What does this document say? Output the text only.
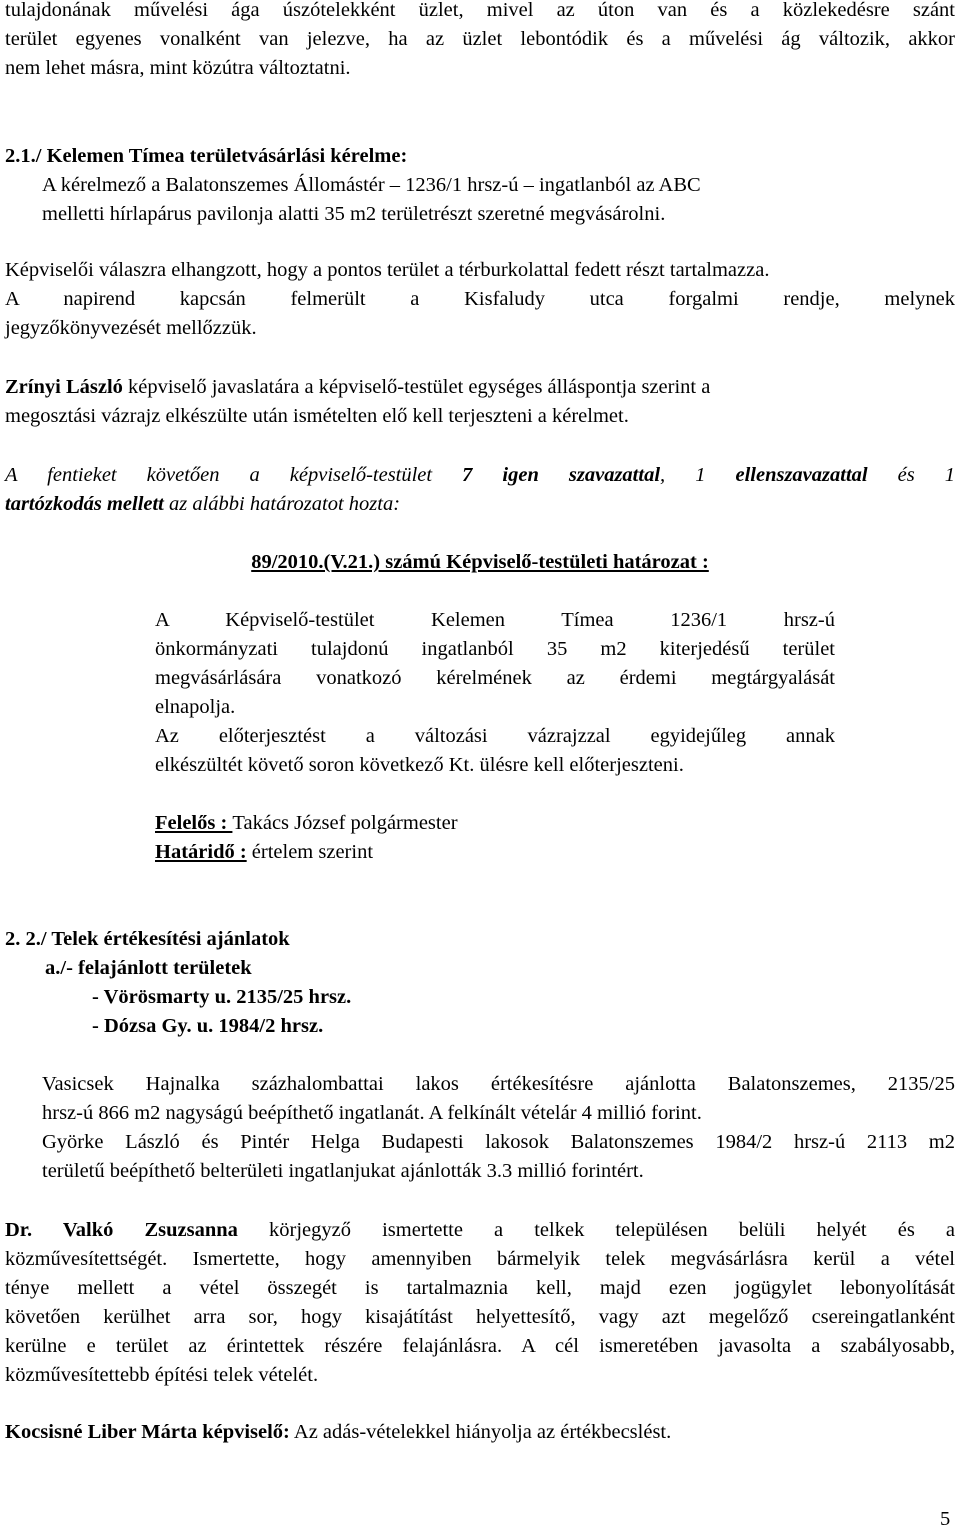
tulajdonának művelési ága úszótelekként üzlet, mivel az úton van és a közlekedésre szánt
terület egyenes vonalként van jelezve, ha az üzlet lebontódik és a művelési ág változik, akkor
nem lehet másra, mint közútra változtatni.
2.1./ Kelemen Tímea területvásárlási kérelme:
A kérelmező a Balatonszemes Állomástér – 1236/1 hrsz-ú – ingatlanból az ABC
melletti hírlapárus pavilonja alatti 35 m2 területrészt szeretné megvásárolni.
Képviselői válaszra elhangzott, hogy a pontos terület a térburkolattal fedett részt tartalmazza.
A napirend kapcsán felmerült a Kisfaludy utca forgalmi rendje, melynek
jegyzőkönyvezését mellőzzük.
Zrínyi László képviselő javaslatára a képviselő-testület egységes álláspontja szerint a
megosztási vázrajz elkészülte után ismételten elő kell terjeszteni a kérelmet.
A fentieket követően a képviselő-testület 7 igen szavazattal, 1 ellenszavazattal és 1
tartózkodás mellett az alábbi határozatot hozta:
89/2010.(V.21.) számú Képviselő-testületi határozat :
A Képviselő-testület Kelemen Tímea 1236/1 hrsz-ú
önkormányzati tulajdonú ingatlanból 35 m2 kiterjedésű terület
megvásárlására vonatkozó kérelmének az érdemi megtárgyalását
elnapolja.
Az előterjesztést a változási vázrajzzal egyidejűleg annak
elkészültét követő soron következő Kt. ülésre kell előterjeszteni.
Felelős : Takács József polgármester
Határidő : értelem szerint
2. 2./ Telek értékesítési ajánlatok
a./- felajánlott területek
- Vörösmarty u. 2135/25 hrsz.
- Dózsa Gy. u. 1984/2 hrsz.
Vasicsek Hajnalka százhalombattai lakos értékesítésre ajánlotta Balatonszemes, 2135/25
hrsz-ú 866 m2 nagyságú beépíthető ingatlanát. A felkínált vételár 4 millió forint.
Györke László és Pintér Helga Budapesti lakosok Balatonszemes 1984/2 hrsz-ú 2113 m2
területű beépíthető belterületi ingatlanjukat ajánlották 3.3 millió forintért.
Dr. Valkó Zsuzsanna körjegyző ismertette a telkek településen belüli helyét és a
közművesítettségét. Ismertette, hogy amennyiben bármelyik telek megvásárlásra kerül a vétel
ténye mellett a vétel összegét is tartalmaznia kell, majd ezen jogügylet lebonyolítását
követően kerülhet arra sor, hogy kisajátítást helyettesítő, vagy azt megelőző csereingatlanként
kerülne e terület az érintettek részére felajánlásra. A cél ismeretében javasolta a szabályosabb,
közművesítettebb építési telek vételét.
Kocsisné Liber Márta képviselő: Az adás-vételekkel hiányolja az értékbecslést.
5
